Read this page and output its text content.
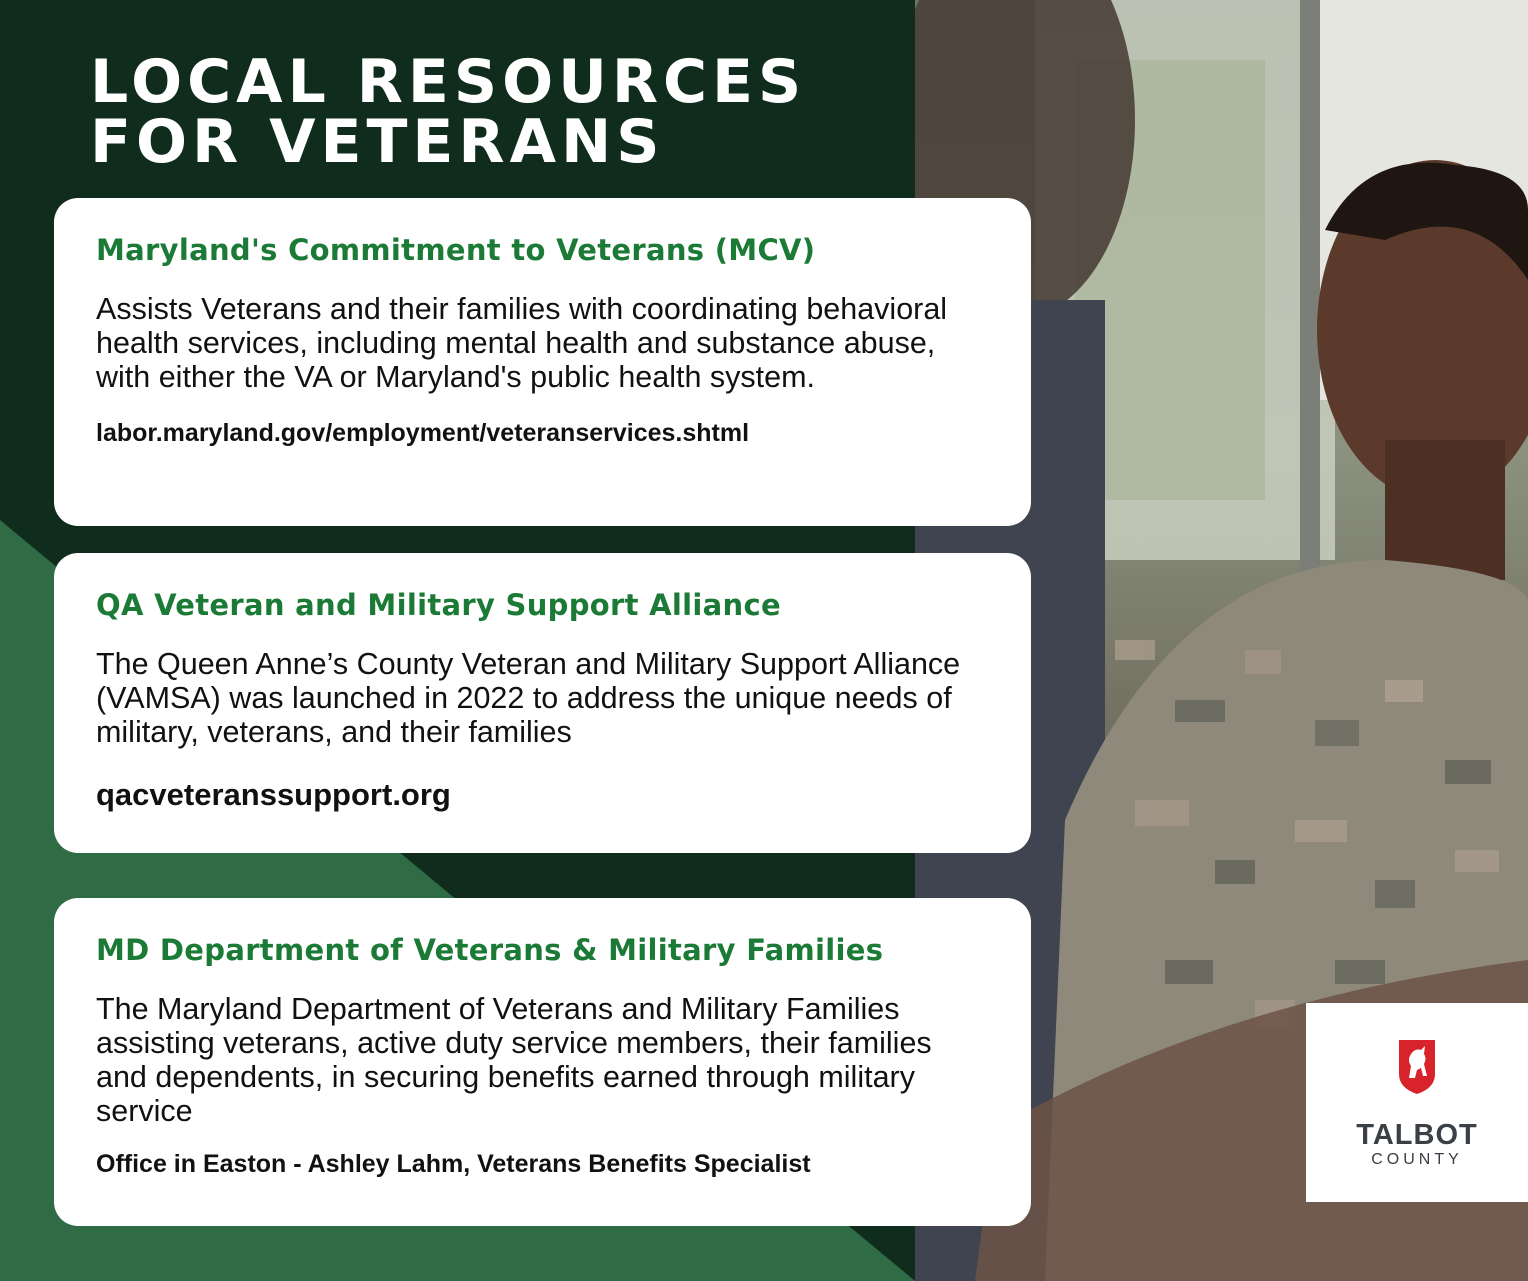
LOCAL RESOURCES
FOR VETERANS
Maryland's Commitment to Veterans (MCV)

Assists Veterans and their families with coordinating behavioral health services, including mental health and substance abuse, with either the VA or Maryland's public health system.

labor.maryland.gov/employment/veteranservices.shtml

QA Veteran and Military Support Alliance

The Queen Anne’s County Veteran and Military Support Alliance (VAMSA) was launched in 2022 to address the unique needs of military, veterans, and their families

qacveteranssupport.org

MD Department of Veterans & Military Families

The Maryland Department of Veterans and Military Families assisting veterans, active duty service members, their families and dependents, in securing benefits earned through military service

Office in Easton - Ashley Lahm, Veterans Benefits Specialist

TALBOT
COUNTY
